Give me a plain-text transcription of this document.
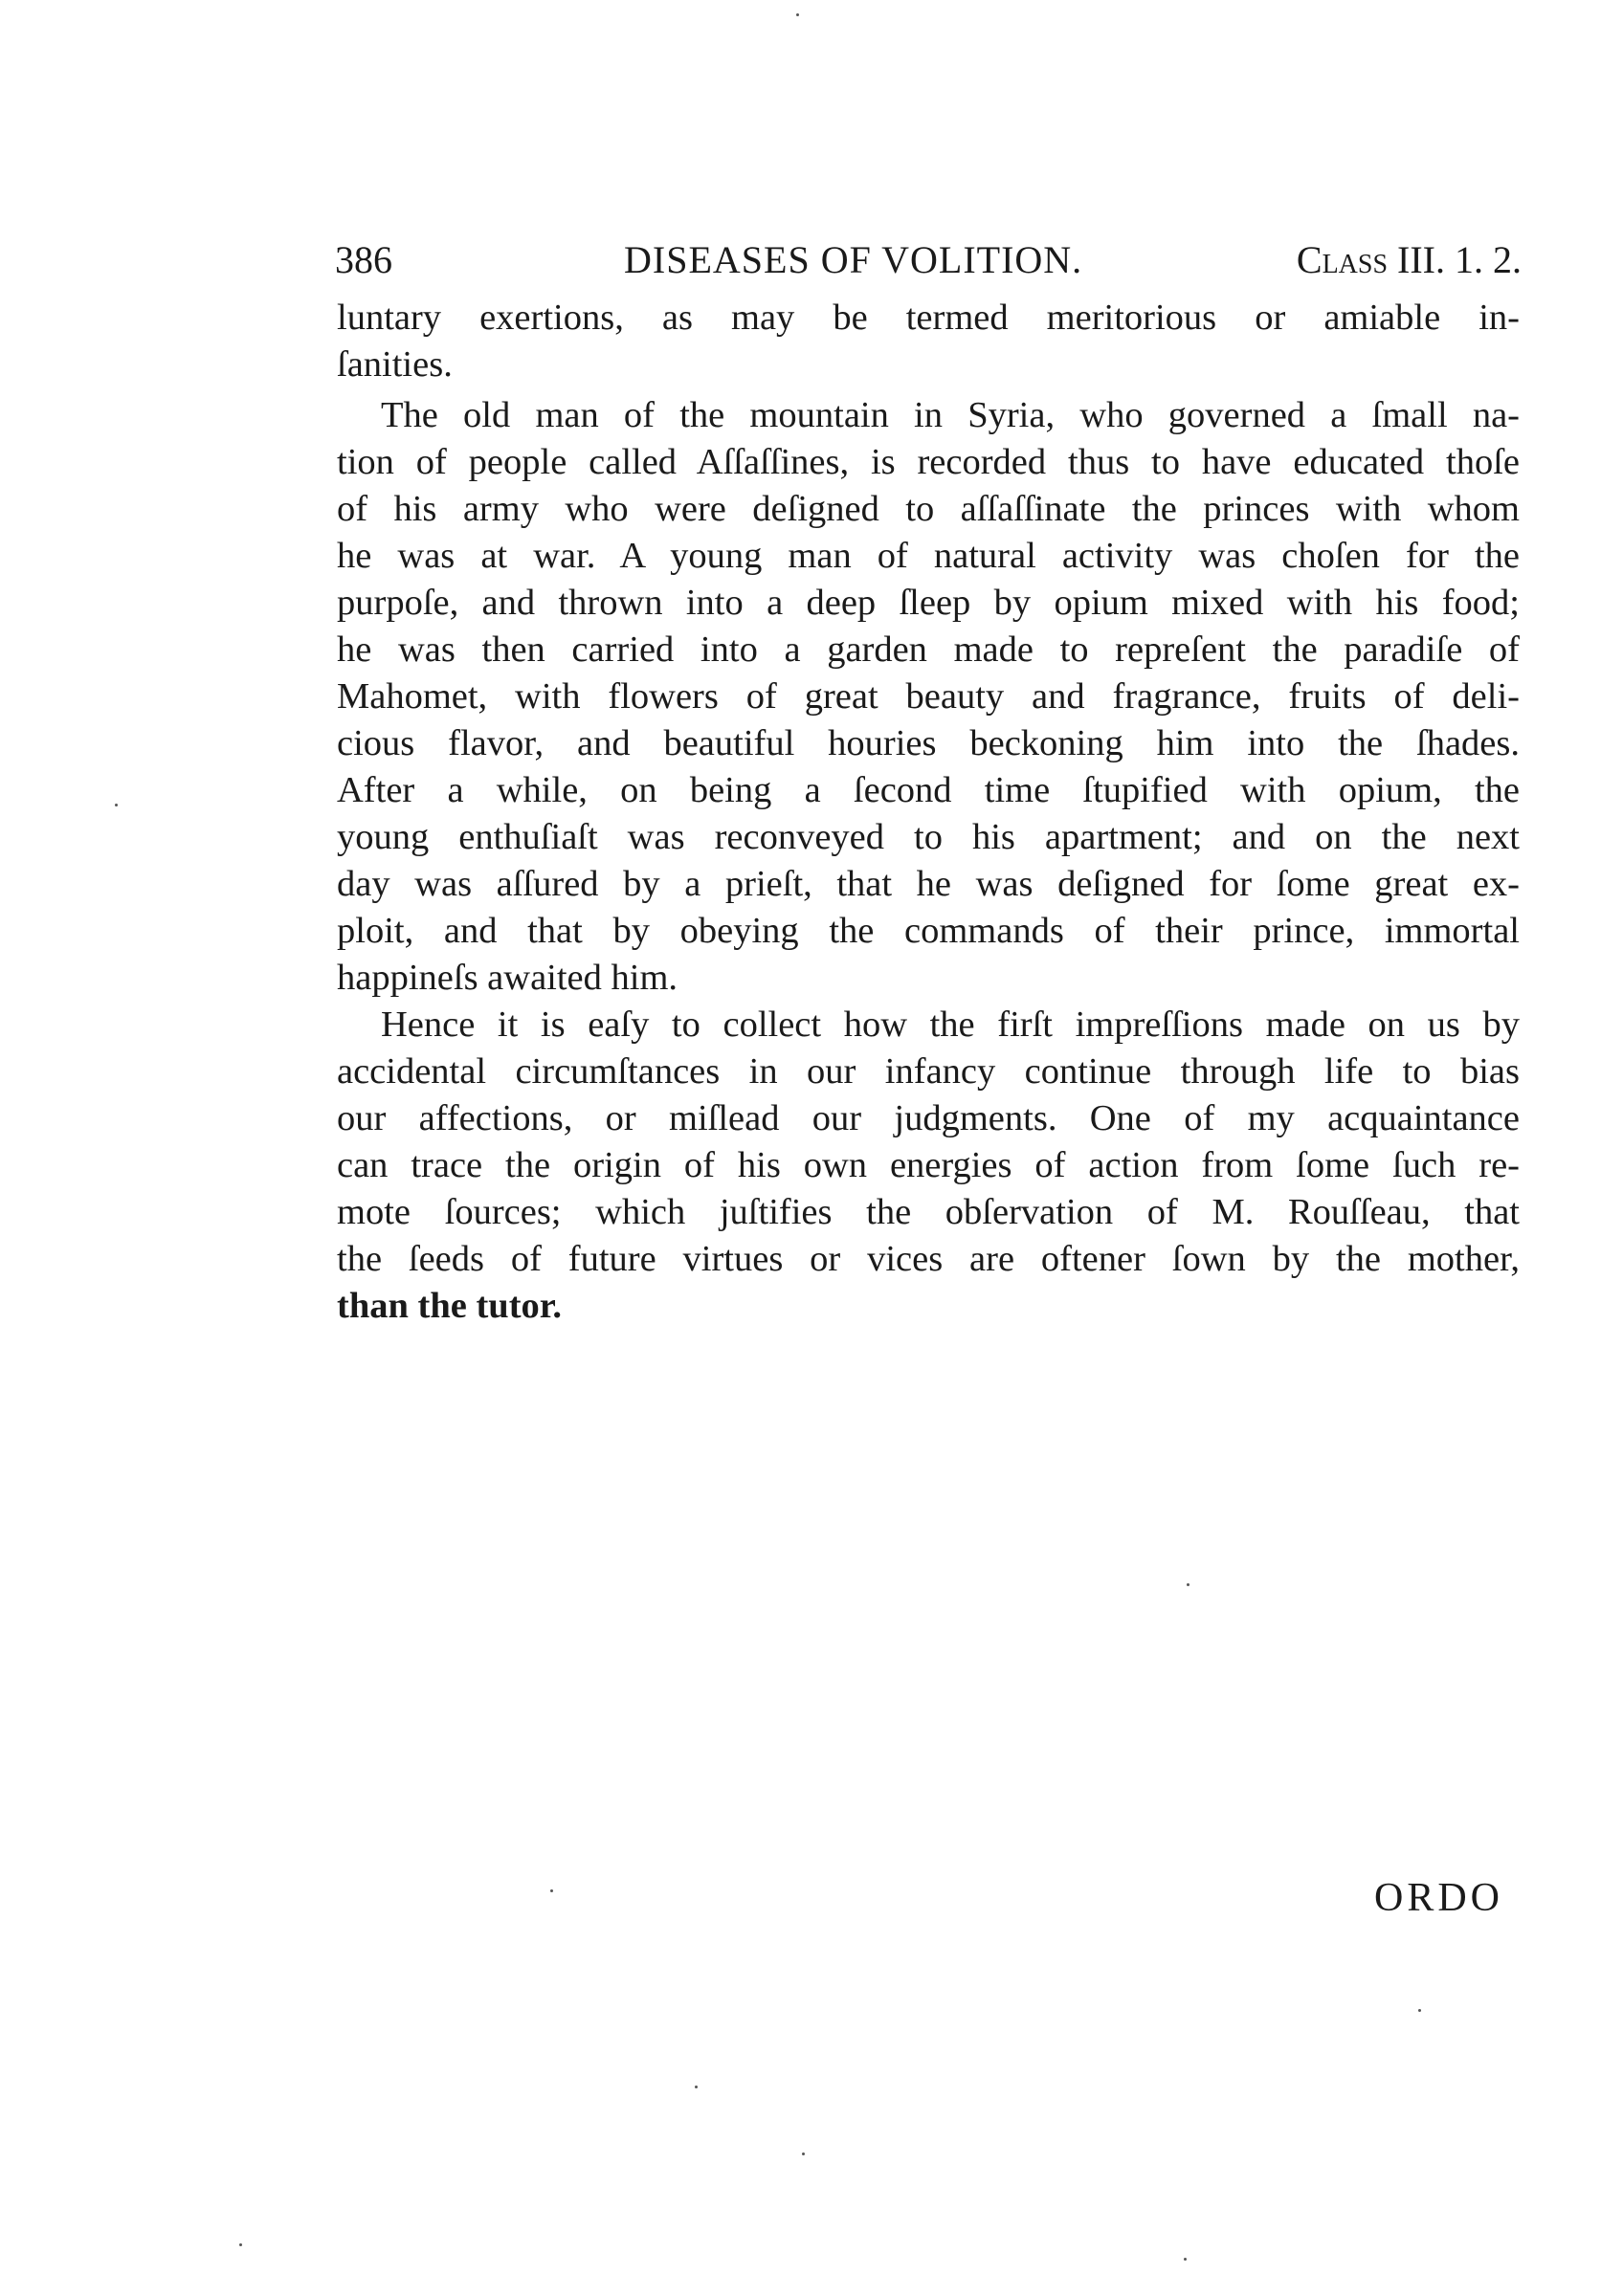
386	DISEASES OF VOLITION.	Class III. 1. 2.
luntary exertions, as may be termed meritorious or amiable in-
ſanities.
The old man of the mountain in Syria, who governed a ſmall na-
tion of people called Aſſaſſines, is recorded thus to have educated thoſe
of his army who were deſigned to aſſaſſinate the princes with whom
he was at war. A young man of natural activity was choſen for the
purpoſe, and thrown into a deep ſleep by opium mixed with his food;
he was then carried into a garden made to repreſent the paradiſe of
Mahomet, with flowers of great beauty and fragrance, fruits of deli-
cious flavor, and beautiful houries beckoning him into the ſhades.
After a while, on being a ſecond time ſtupified with opium, the
young enthuſiaſt was reconveyed to his apartment; and on the next
day was aſſured by a prieſt, that he was deſigned for ſome great ex-
ploit, and that by obeying the commands of their prince, immortal
happineſs awaited him.
Hence it is eaſy to collect how the firſt impreſſions made on us by
accidental circumſtances in our infancy continue through life to bias
our affections, or miſlead our judgments. One of my acquaintance
can trace the origin of his own energies of action from ſome ſuch re-
mote ſources; which juſtifies the obſervation of M. Rouſſeau, that
the ſeeds of future virtues or vices are oftener ſown by the mother,
than the tutor.
ORDO
